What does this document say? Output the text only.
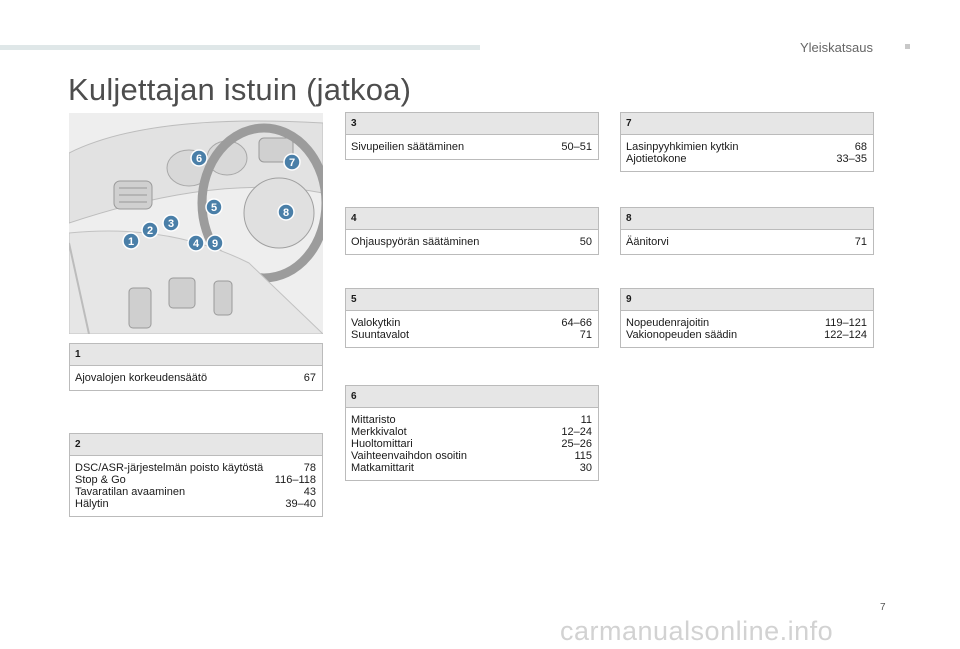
Yleiskatsaus
Kuljettajan istuin (jatkoa)
1
2
3
4
5
6	7
8
9
1
Ajovalojen korkeudensäätö	67
2
DSC/ASR-järjestelmän poisto käytöstä	78
Stop & Go	116–118
Tavaratilan avaaminen	43
Hälytin	39–40
3
Sivupeilien säätäminen	50–51
4
Ohjauspyörän säätäminen	50
5
Valokytkin	64–66
Suuntavalot	71
6
Mittaristo	11
Merkkivalot	12–24
Huoltomittari	25–26
Vaihteenvaihdon osoitin	115
Matkamittarit	30
7
Lasinpyyhkimien kytkin	68
Ajotietokone	33–35
8
Äänitorvi	71
9
Nopeudenrajoitin	119–121
Vakionopeuden säädin	122–124
7
carmanualsonline.info
